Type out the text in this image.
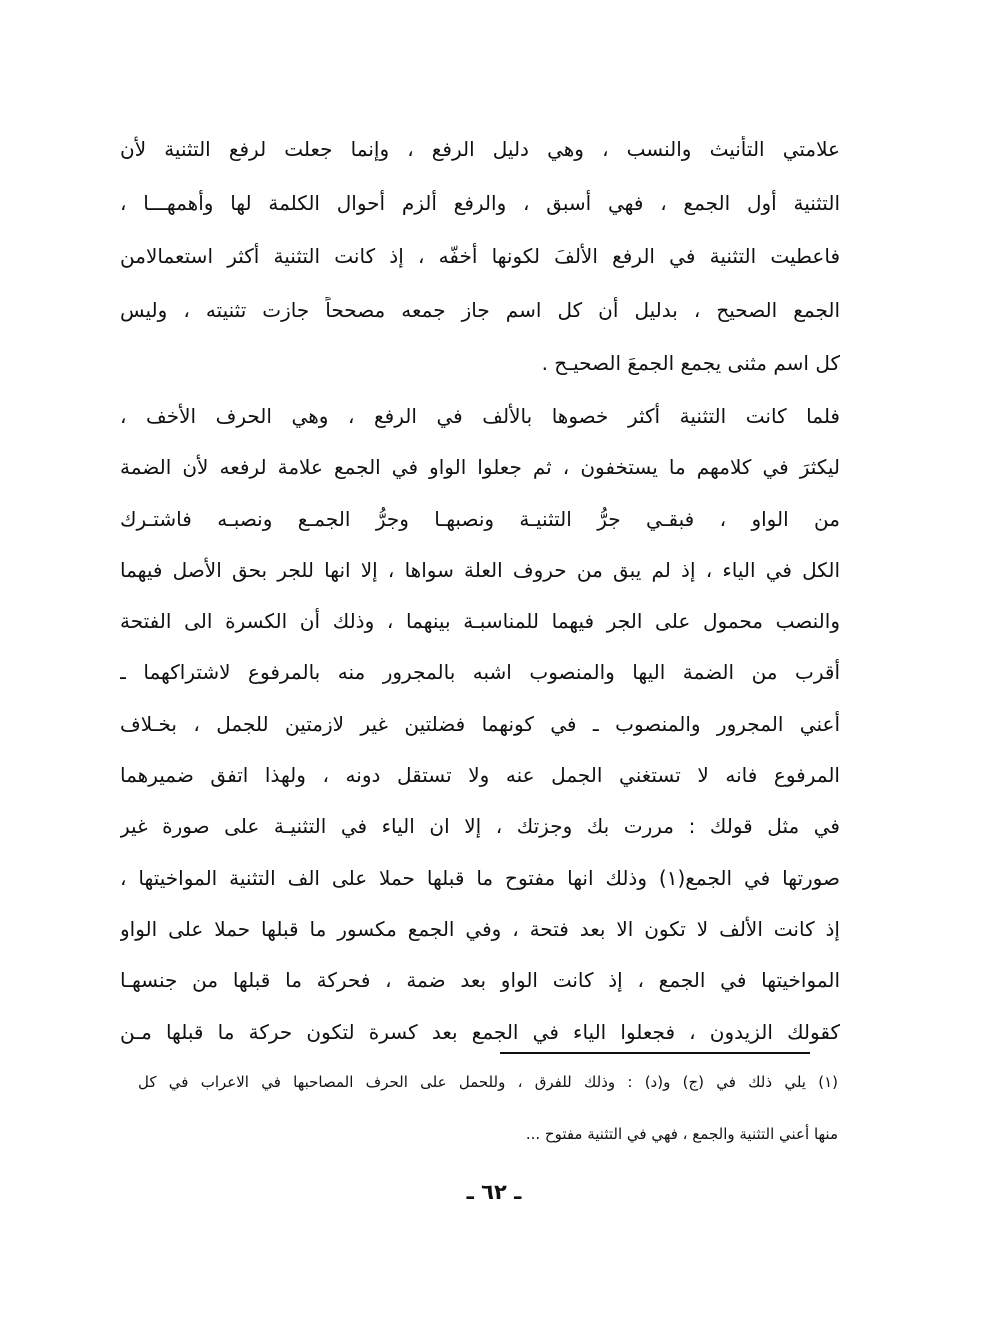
علامتي التأنيث والنسب ، وهي دليل الرفع ، وإنما جعلت لرفع التثنية لأن
التثنية أول الجمع ، فهي أسبق ، والرفع ألزم أحوال الكلمة لها وأهمهـــا ،
فاعطيت التثنية في الرفع الألفَ لكونها أخفّه ، إذ كانت التثنية أكثر استعمالامن
الجمع الصحيح ، بدليل أن كل اسم جاز جمعه مصححاً جازت تثنيته ، وليس
كل اسم مثنى يجمع الجمعَ الصحيـح .
فلما كانت التثنية أكثر خصوها بالألف في الرفع ، وهي الحرف الأخف ،
ليكثرَ في كلامهم ما يستخفون ، ثم جعلوا الواو في الجمع علامة لرفعه لأن الضمة
من الواو ، فبقـي جرُّ التثنيـة ونصبهـا وجرُّ الجمـع ونصبـه فاشتـرك
الكل في الياء ، إذ لم يبق من حروف العلة سواها ، إلا انها للجر بحق الأصل فيهما
والنصب محمول على الجر فيهما للمناسبـة بينهما ، وذلك أن الكسرة الى الفتحة
أقرب من الضمة اليها والمنصوب اشبه بالمجرور منه بالمرفوع لاشتراكهما ـ
أعني المجرور والمنصوب ـ في كونهما فضلتين غير لازمتين للجمل ، بخـلاف
المرفوع فانه لا تستغني الجمل عنه ولا تستقل دونه ، ولهذا اتفق ضميرهما
في مثل قولك : مررت بك وجزتك ، إلا ان الياء في التثنيـة على صورة غير
صورتها في الجمع(١) وذلك انها مفتوح ما قبلها حملا على الف التثنية المواخيتها ،
إذ كانت الألف لا تكون الا بعد فتحة ، وفي الجمع مكسور ما قبلها حملا على الواو
المواخيتها في الجمع ، إذ كانت الواو بعد ضمة ، فحركة ما قبلها من جنسهـا
كقولك الزيدون ، فجعلوا الياء في الجمع بعد كسرة لتكون حركة ما قبلها مـن
(١) يلي ذلك في (ج) و(د) : وذلك للفرق ، وللحمل على الحرف المصاحبها في الاعراب في كل
منها أعني التثنية والجمع ، فهي في التثنية مفتوح ...
ـ ٦٢ ـ
